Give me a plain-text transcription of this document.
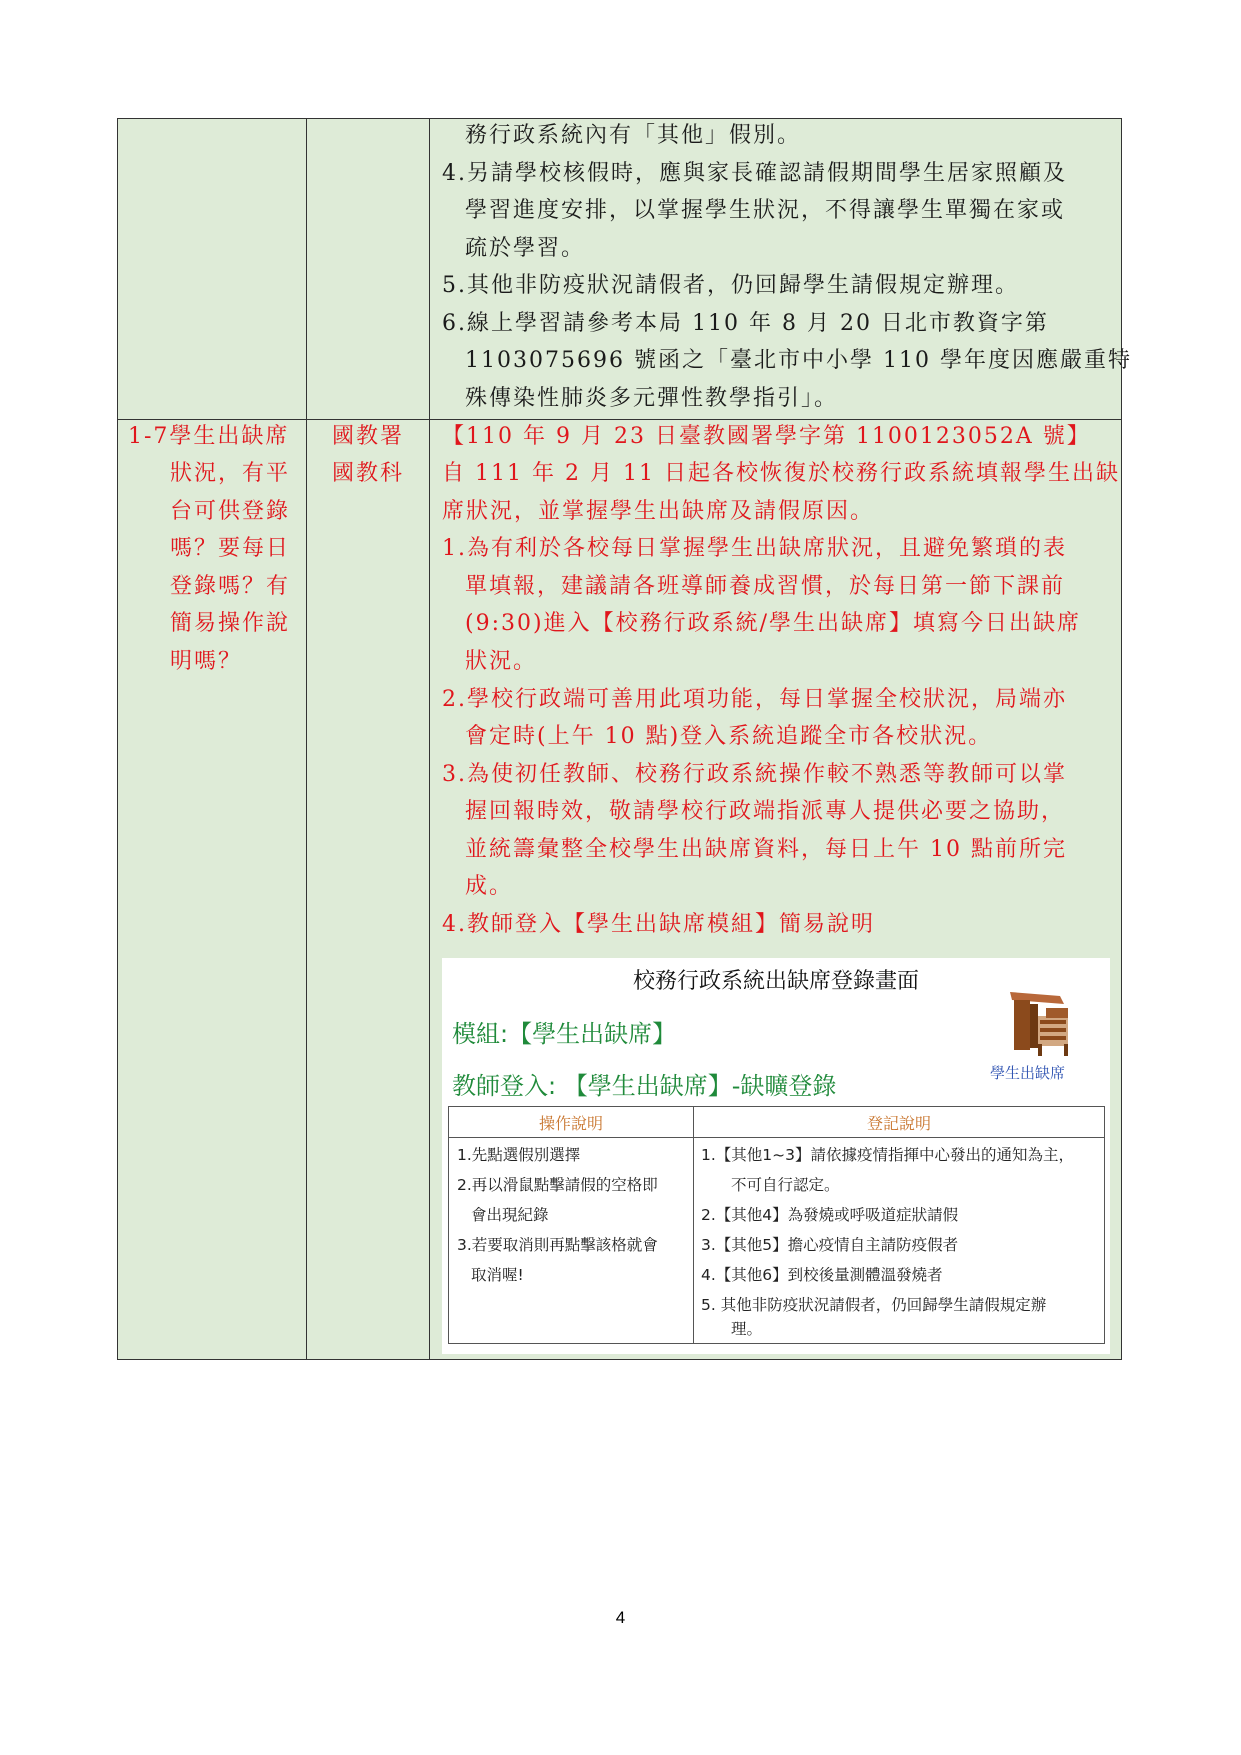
務行政系統內有「其他」假別。
4.另請學校核假時，應與家長確認請假期間學生居家照顧及
學習進度安排，以掌握學生狀況，不得讓學生單獨在家或
疏於學習。
5.其他非防疫狀況請假者，仍回歸學生請假規定辦理。
6.線上學習請參考本局 110 年 8 月 20 日北市教資字第
1103075696 號函之「臺北市中小學 110 學年度因應嚴重特
殊傳染性肺炎多元彈性教學指引」。
1-7學生出缺席
狀況，有平
台可供登錄
嗎？要每日
登錄嗎？有
簡易操作說
明嗎？
國教署
國教科
【110 年 9 月 23 日臺教國署學字第 1100123052A 號】
自 111 年 2 月 11 日起各校恢復於校務行政系統填報學生出缺
席狀況，並掌握學生出缺席及請假原因。
1.為有利於各校每日掌握學生出缺席狀況，且避免繁瑣的表
單填報，建議請各班導師養成習慣，於每日第一節下課前
(9:30)進入【校務行政系統/學生出缺席】填寫今日出缺席
狀況。
2.學校行政端可善用此項功能，每日掌握全校狀況，局端亦
會定時(上午 10 點)登入系統追蹤全市各校狀況。
3.為使初任教師、校務行政系統操作較不熟悉等教師可以掌
握回報時效，敬請學校行政端指派專人提供必要之協助，
並統籌彙整全校學生出缺席資料，每日上午 10 點前所完
成。
4.教師登入【學生出缺席模組】簡易說明
校務行政系統出缺席登錄畫面
模組:【學生出缺席】
教師登入: 【學生出缺席】-缺曠登錄	學生出缺席
操作說明	登記說明
1.先點選假別選擇
2.再以滑鼠點擊請假的空格即
會出現紀錄
3.若要取消則再點擊該格就會
取消喔!
1.【其他1~3】請依據疫情指揮中心發出的通知為主，
不可自行認定。
2.【其他4】為發燒或呼吸道症狀請假
3.【其他5】擔心疫情自主請防疫假者
4.【其他6】到校後量測體溫發燒者
5. 其他非防疫狀況請假者，仍回歸學生請假規定辦
理。
4
